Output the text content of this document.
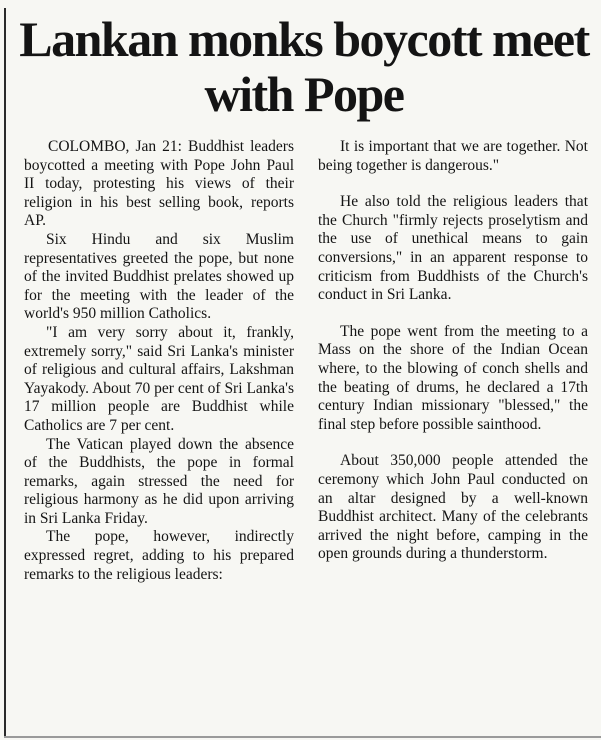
Lankan monks boycott meet with Pope

COLOMBO, Jan 21: Buddhist leaders boycotted a meeting with Pope John Paul II today, protesting his views of their religion in his best selling book, reports AP.

Six Hindu and six Muslim representatives greeted the pope, but none of the invited Buddhist prelates showed up for the meeting with the leader of the world's 950 million Catholics.

"I am very sorry about it, frankly, extremely sorry," said Sri Lanka's minister of religious and cultural affairs, Lakshman Yayakody. About 70 per cent of Sri Lanka's 17 million people are Buddhist while Catholics are 7 per cent.

The Vatican played down the absence of the Buddhists, the pope in formal remarks, again stressed the need for religious harmony as he did upon arriving in Sri Lanka Friday.

The pope, however, indirectly expressed regret, adding to his prepared remarks to the religious leaders:

It is important that we are together. Not being together is dangerous."

He also told the religious leaders that the Church "firmly rejects proselytism and the use of unethical means to gain conversions," in an apparent response to criticism from Buddhists of the Church's conduct in Sri Lanka.

The pope went from the meeting to a Mass on the shore of the Indian Ocean where, to the blowing of conch shells and the beating of drums, he declared a 17th century Indian missionary "blessed," the final step before possible sainthood.

About 350,000 people attended the ceremony which John Paul conducted on an altar designed by a well-known Buddhist architect. Many of the celebrants arrived the night before, camping in the open grounds during a thunderstorm.
